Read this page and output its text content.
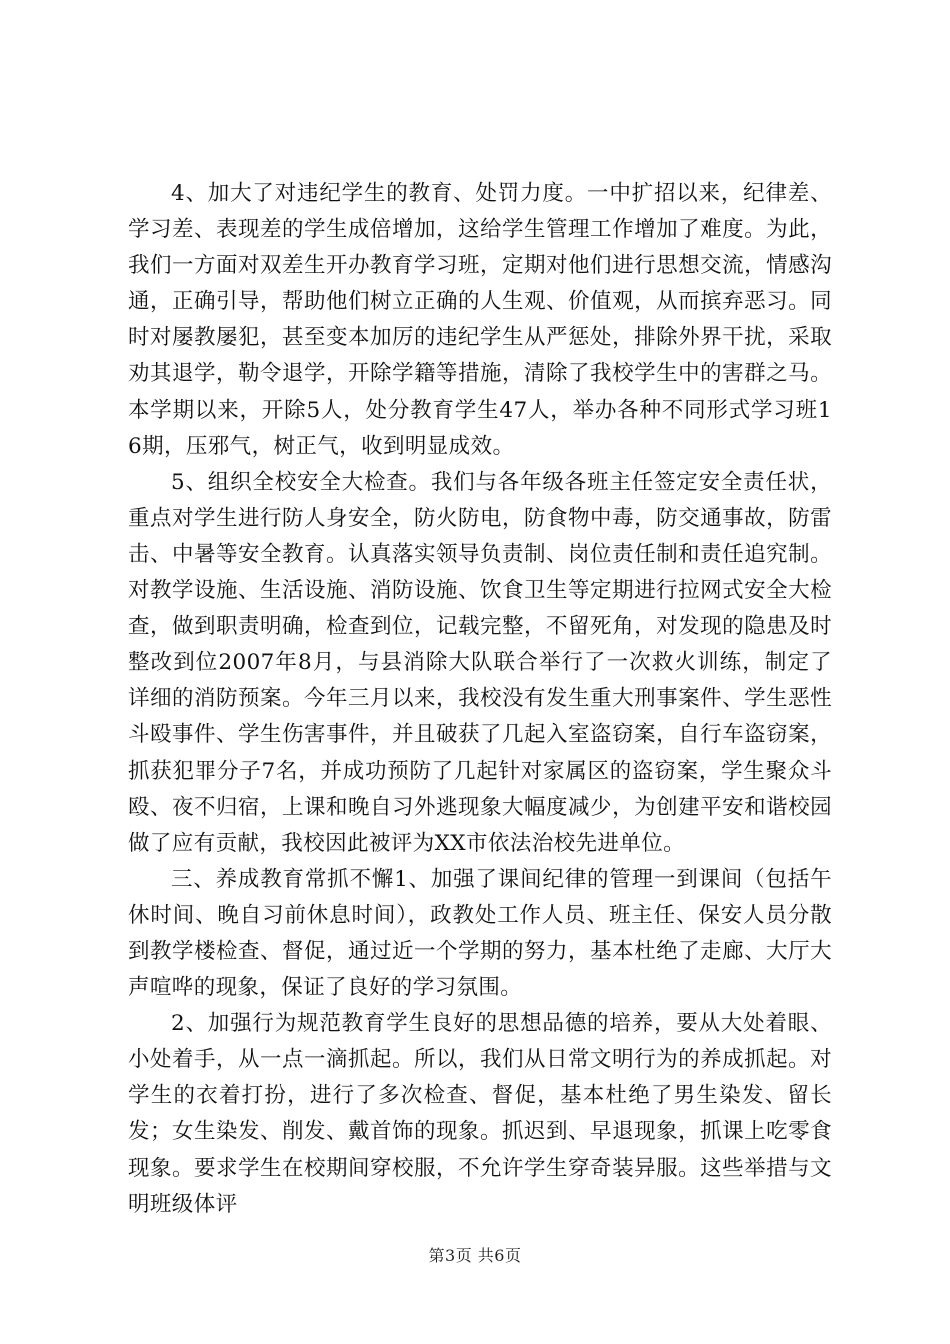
4、加大了对违纪学生的教育、处罚力度。一中扩招以来，纪律差、学习差、表现差的学生成倍增加，这给学生管理工作增加了难度。为此，我们一方面对双差生开办教育学习班，定期对他们进行思想交流，情感沟通，正确引导，帮助他们树立正确的人生观、价值观，从而摈弃恶习。同时对屡教屡犯，甚至变本加厉的违纪学生从严惩处，排除外界干扰，采取劝其退学，勒令退学，开除学籍等措施，清除了我校学生中的害群之马。本学期以来，开除5人，处分教育学生47人，举办各种不同形式学习班16期，压邪气，树正气，收到明显成效。

5、组织全校安全大检查。我们与各年级各班主任签定安全责任状，重点对学生进行防人身安全，防火防电，防食物中毒，防交通事故，防雷击、中暑等安全教育。认真落实领导负责制、岗位责任制和责任追究制。对教学设施、生活设施、消防设施、饮食卫生等定期进行拉网式安全大检查，做到职责明确，检查到位，记载完整，不留死角，对发现的隐患及时整改到位2007年8月，与县消除大队联合举行了一次救火训练，制定了详细的消防预案。今年三月以来，我校没有发生重大刑事案件、学生恶性斗殴事件、学生伤害事件，并且破获了几起入室盗窃案，自行车盗窃案，抓获犯罪分子7名，并成功预防了几起针对家属区的盗窃案，学生聚众斗殴、夜不归宿，上课和晚自习外逃现象大幅度减少，为创建平安和谐校园做了应有贡献，我校因此被评为XX市依法治校先进单位。

三、养成教育常抓不懈1、加强了课间纪律的管理一到课间（包括午休时间、晚自习前休息时间），政教处工作人员、班主任、保安人员分散到教学楼检查、督促，通过近一个学期的努力，基本杜绝了走廊、大厅大声喧哗的现象，保证了良好的学习氛围。

2、加强行为规范教育学生良好的思想品德的培养，要从大处着眼、小处着手，从一点一滴抓起。所以，我们从日常文明行为的养成抓起。对学生的衣着打扮，进行了多次检查、督促，基本杜绝了男生染发、留长发；女生染发、削发、戴首饰的现象。抓迟到、早退现象，抓课上吃零食现象。要求学生在校期间穿校服，不允许学生穿奇装异服。这些举措与文明班级体评

第3页 共6页
